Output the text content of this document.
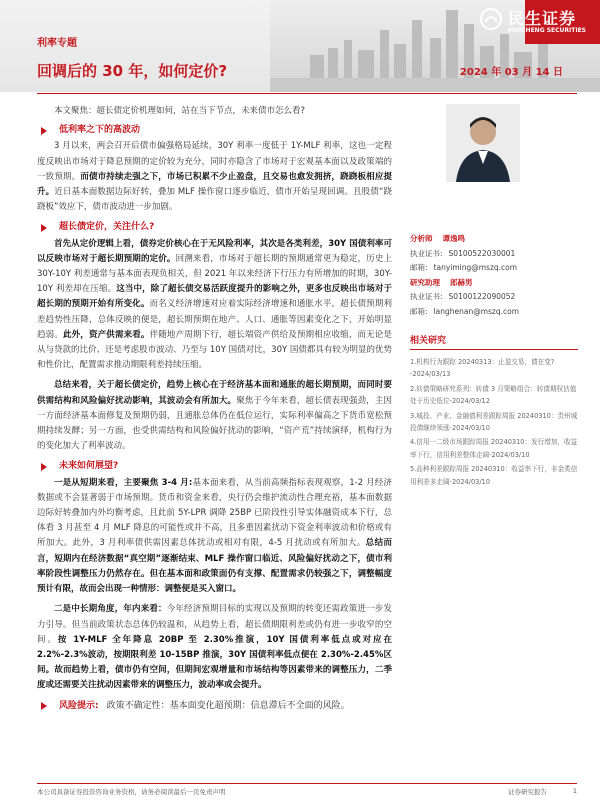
民生证券
MINSHENG SECURITIES
利率专题
回调后的 30 年，如何定价?	2024 年 03 月 14 日
本文聚焦：超长债定价机理如何，站在当下节点，未来债市怎么看?
低利率之下的高波动
3 月以来，两会召开后债市偏强格局延续，30Y 利率一度低于 1Y-MLF 利率，这也一定程度反映出市场对于降息预期的定价较为充分，同时亦隐含了市场对于宏观基本面以及政策端的一致预期。而债市持续走强之下，市场已积累不少止盈盘，且交易也愈发拥挤，跷跷板相应提升。近日基本面数据边际好转，叠加 MLF 操作窗口逐步临近，债市开始呈现回调。且股债“跷跷板”效应下，债市波动进一步加剧。
超长债定价，关注什么?
首先从定价逻辑上看，债券定价核心在于无风险利率，其次是各类利差，30Y 国债利率可以反映市场对于超长期预期的定价。回溯来看，市场对于超长期的预期通常更为稳定，历史上 30Y-10Y 利差通常与基本面表现负相关，但 2021 年以来经济下行压力有所增加的时期，30Y-10Y 利差却在压缩。这当中，除了超长债交易活跃度提升的影响之外，更多也反映出市场对于超长期的预期开始有所变化。而名义经济增速对应着实际经济增速和通胀水平，超长债预期利差趋势性压降，总体反映的便是，超长期预期在地产、人口、通胀等因素变化之下，开始明显趋弱。此外，资产供需来看。伴随地产周期下行，超长端资产供给及预期相应收缩，而无论是从与贷款的比价、还是考虑股市波动、乃至与 10Y 国债对比，30Y 国债都具有较为明显的优势和性价比，配置需求推动期限利差持续压缩。
总结来看，关于超长债定价，趋势上核心在于经济基本面和通胀的超长期预期，而同时要供需结构和风险偏好扰动影响，其波动会有所加大。聚焦于今年来看，超长债表现强劲，主因一方面经济基本面修复及预期仍弱，且通胀总体仍在低位运行，实际利率偏高之下货币宽松预期持续发酵；另一方面，也受供需结构和风险偏好扰动的影响，“资产荒”持续演绎，机构行为的变化加大了利率波动。
未来如何展望?
一是从短期来看，主要聚焦 3-4 月:基本面来看，从当前高频指标表现观察，1-2 月经济数据或不会显著弱于市场预期。货币和资金来看，央行仍会维护流动性合理充裕，基本面数据边际好转叠加内外均衡考虑，且此前 5Y-LPR 调降 25BP 已阶段性引导实体融资成本下行，总体看 3 月甚至 4 月 MLF 降息的可能性或并不高，且多重因素扰动下资金利率波动和价格或有所加大。此外，3 月利率债供需因素总体扰动或相对有限，4-5 月扰动或有所加大。总结而言，短期内在经济数据“真空期”逐渐结束、MLF 操作窗口临近、风险偏好扰动之下，债市利率阶段性调整压力仍然存在。但在基本面和政策面仍有支撑、配置需求仍较强之下，调整幅度预计有限，故而会出现一种情形：调整便是买入窗口。
二是中长期角度，年内来看：今年经济预期目标的实现以及预期的转变还需政策进一步发力引导。但当前政策状态总体仍较温和，从趋势上看，超长债期限利差或仍有进一步收窄的空间。按 1Y-MLF 全年降息 20BP 至 2.30%推演，10Y 国债利率低点或对应在 2.2%-2.3%波动，按期限利差 10-15BP 推演，30Y 国债利率低点便在 2.30%-2.45%区间。故而趋势上看，债市仍有空间，但期间宏观增量和市场结构等因素带来的调整压力，二季度或还需要关注扰动因素带来的调整压力，波动率或会提升。
风险提示: 政策不确定性：基本面变化超预期：信息滞后不全面的风险。
分析师 谭逸鸣
执业证书: S0100522030001
邮箱: tanyiming@mszq.com
研究助理 郎赫男
执业证书: S0100122090052
邮箱: langhenan@mszq.com
相关研究
1.机构行为跟踪 20240313：止盈交易，债在变?-2024/03/13
2.转债策略研究系列：转债 3 月策略组合：转债期权估值处于历史低位-2024/03/12
3.城投、产业、金融债利差跟踪周报 20240310：贵州城投债继续领涨-2024/03/10
4.信用一二级市场跟踪周报 20240310：发行增加，收益率下行，信用利差整体走阔-2024/03/10
5.品种利差跟踪周报 20240310：收益率下行，非金类信用利差多走阔-2024/03/10
本公司具备证券投资咨询业务资格，请务必阅读最后一页免责声明	证券研究报告	1
